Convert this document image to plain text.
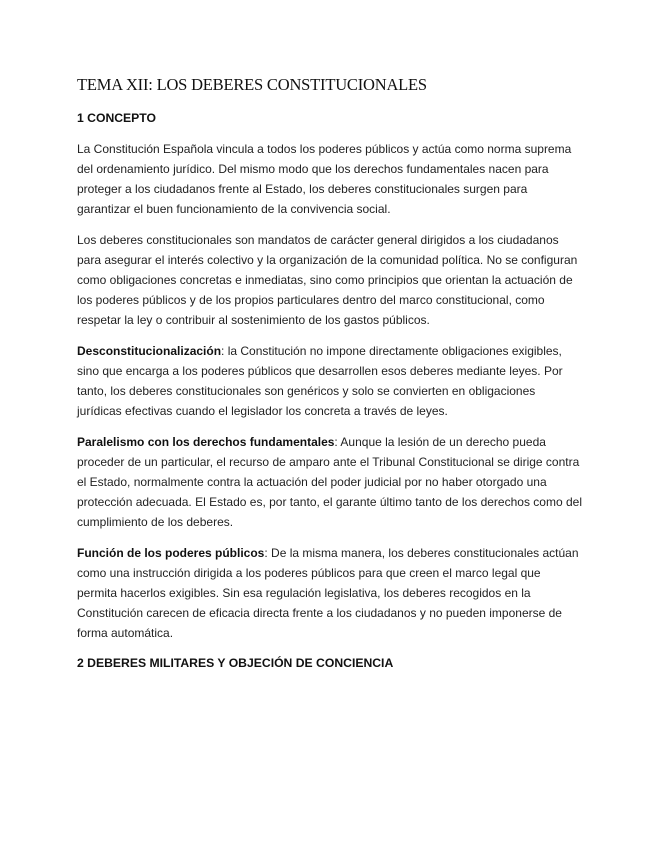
TEMA XII: LOS DEBERES CONSTITUCIONALES
1 CONCEPTO

La Constitución Española vincula a todos los poderes públicos y actúa como norma suprema del ordenamiento jurídico. Del mismo modo que los derechos fundamentales nacen para proteger a los ciudadanos frente al Estado, los deberes constitucionales surgen para garantizar el buen funcionamiento de la convivencia social.

Los deberes constitucionales son mandatos de carácter general dirigidos a los ciudadanos para asegurar el interés colectivo y la organización de la comunidad política. No se configuran como obligaciones concretas e inmediatas, sino como principios que orientan la actuación de los poderes públicos y de los propios particulares dentro del marco constitucional, como respetar la ley o contribuir al sostenimiento de los gastos públicos.

Desconstitucionalización: la Constitución no impone directamente obligaciones exigibles, sino que encarga a los poderes públicos que desarrollen esos deberes mediante leyes. Por tanto, los deberes constitucionales son genéricos y solo se convierten en obligaciones jurídicas efectivas cuando el legislador los concreta a través de leyes.

Paralelismo con los derechos fundamentales: Aunque la lesión de un derecho pueda proceder de un particular, el recurso de amparo ante el Tribunal Constitucional se dirige contra el Estado, normalmente contra la actuación del poder judicial por no haber otorgado una protección adecuada. El Estado es, por tanto, el garante último tanto de los derechos como del cumplimiento de los deberes.

Función de los poderes públicos: De la misma manera, los deberes constitucionales actúan como una instrucción dirigida a los poderes públicos para que creen el marco legal que permita hacerlos exigibles. Sin esa regulación legislativa, los deberes recogidos en la Constitución carecen de eficacia directa frente a los ciudadanos y no pueden imponerse de forma automática.

2 DEBERES MILITARES Y OBJECIÓN DE CONCIENCIA
